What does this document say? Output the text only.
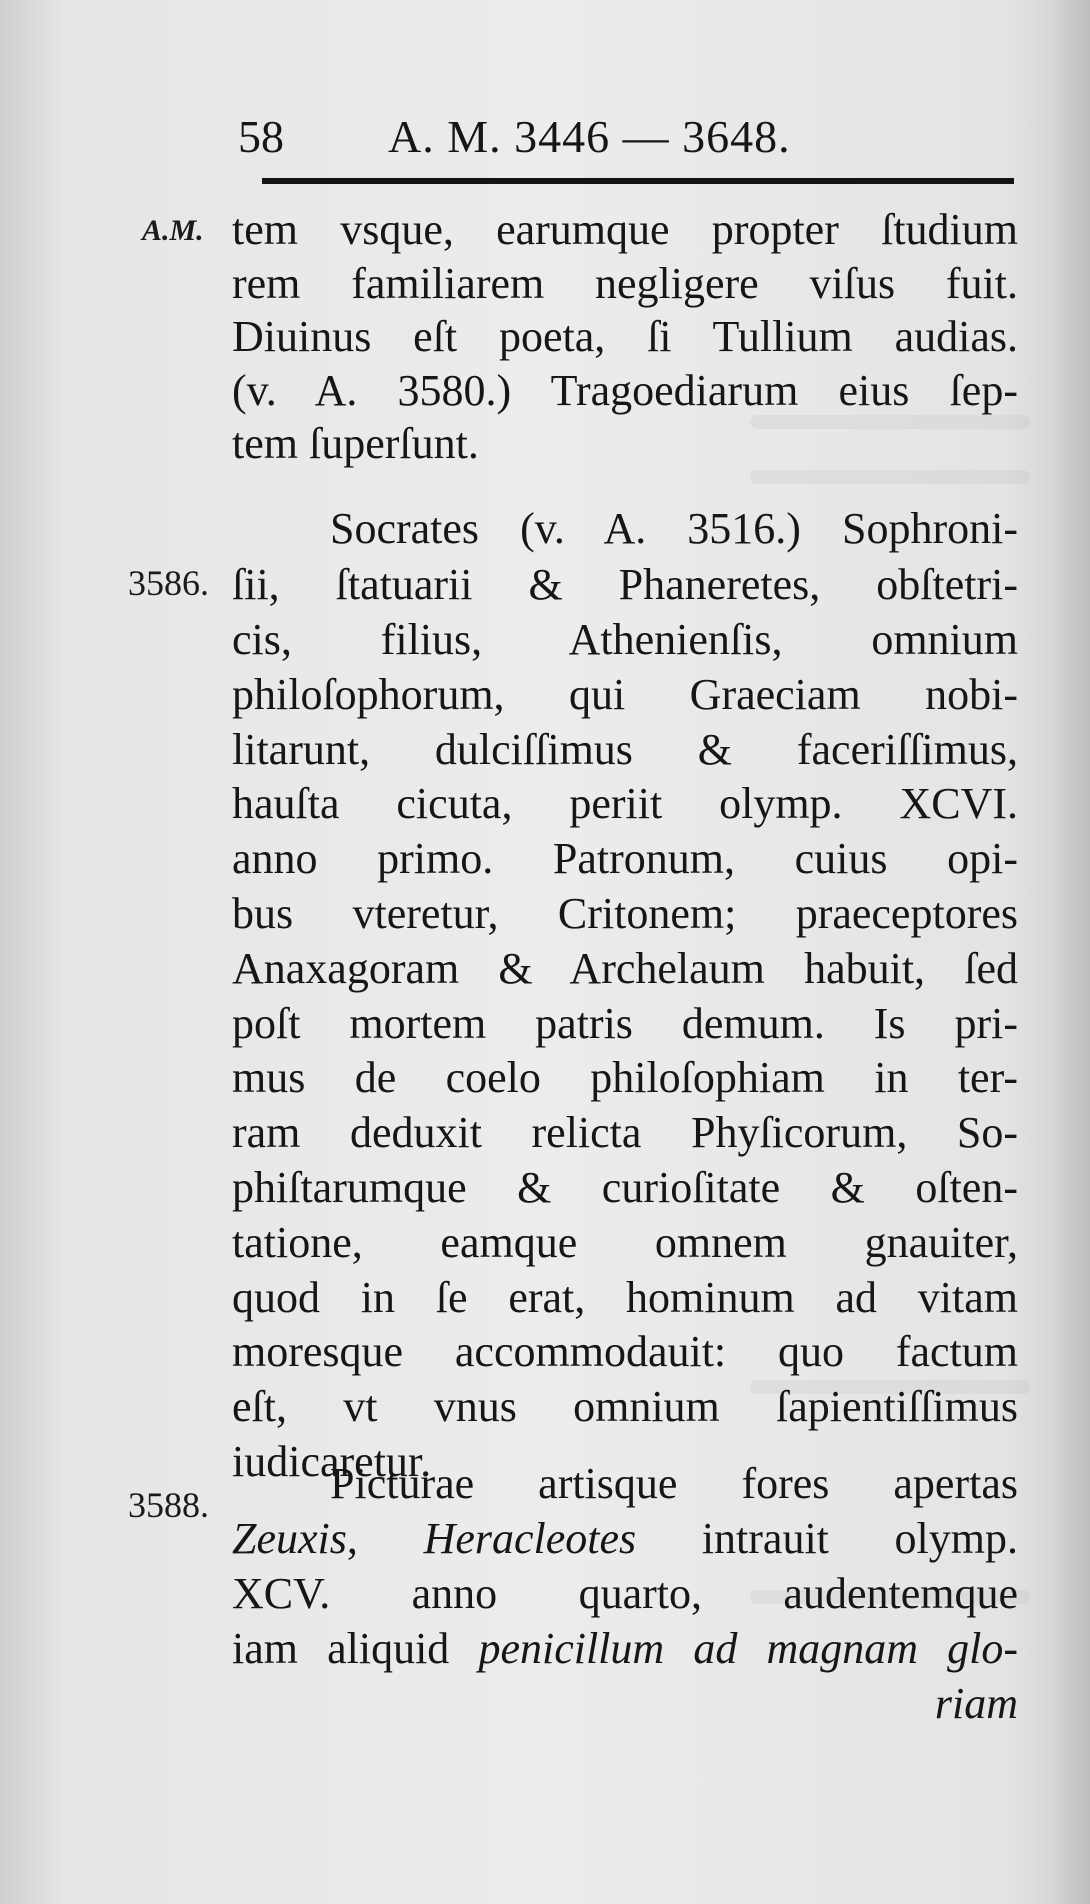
58 A. M. 3446 — 3648.
A.M.
3586.
3588.
tem vsque, earumque propter ſtudium
rem familiarem negligere viſus fuit.
Diuinus eſt poeta, ſi Tullium audias.
(v. A. 3580.) Tragoediarum eius ſep-
tem ſuperſunt.
Socrates (v. A. 3516.) Sophroni-
ſii, ſtatuarii & Phaneretes, obſtetri-
cis, filius, Athenienſis, omnium
philoſophorum, qui Graeciam nobi-
litarunt, dulciſſimus & faceriſſimus,
hauſta cicuta, periit olymp. XCVI.
anno primo. Patronum, cuius opi-
bus vteretur, Critonem; praeceptores
Anaxagoram & Archelaum habuit, ſed
poſt mortem patris demum. Is pri-
mus de coelo philoſophiam in ter-
ram deduxit relicta Phyſicorum, So-
phiſtarumque & curioſitate & oſten-
tatione, eamque omnem gnauiter,
quod in ſe erat, hominum ad vitam
moresque accommodauit: quo factum
eſt, vt vnus omnium ſapientiſſimus
iudicaretur.
Picturae artisque fores apertas
Zeuxis, Heracleotes intrauit olymp.
XCV. anno quarto, audentemque
iam aliquid penicillum ad magnam glo-
riam
